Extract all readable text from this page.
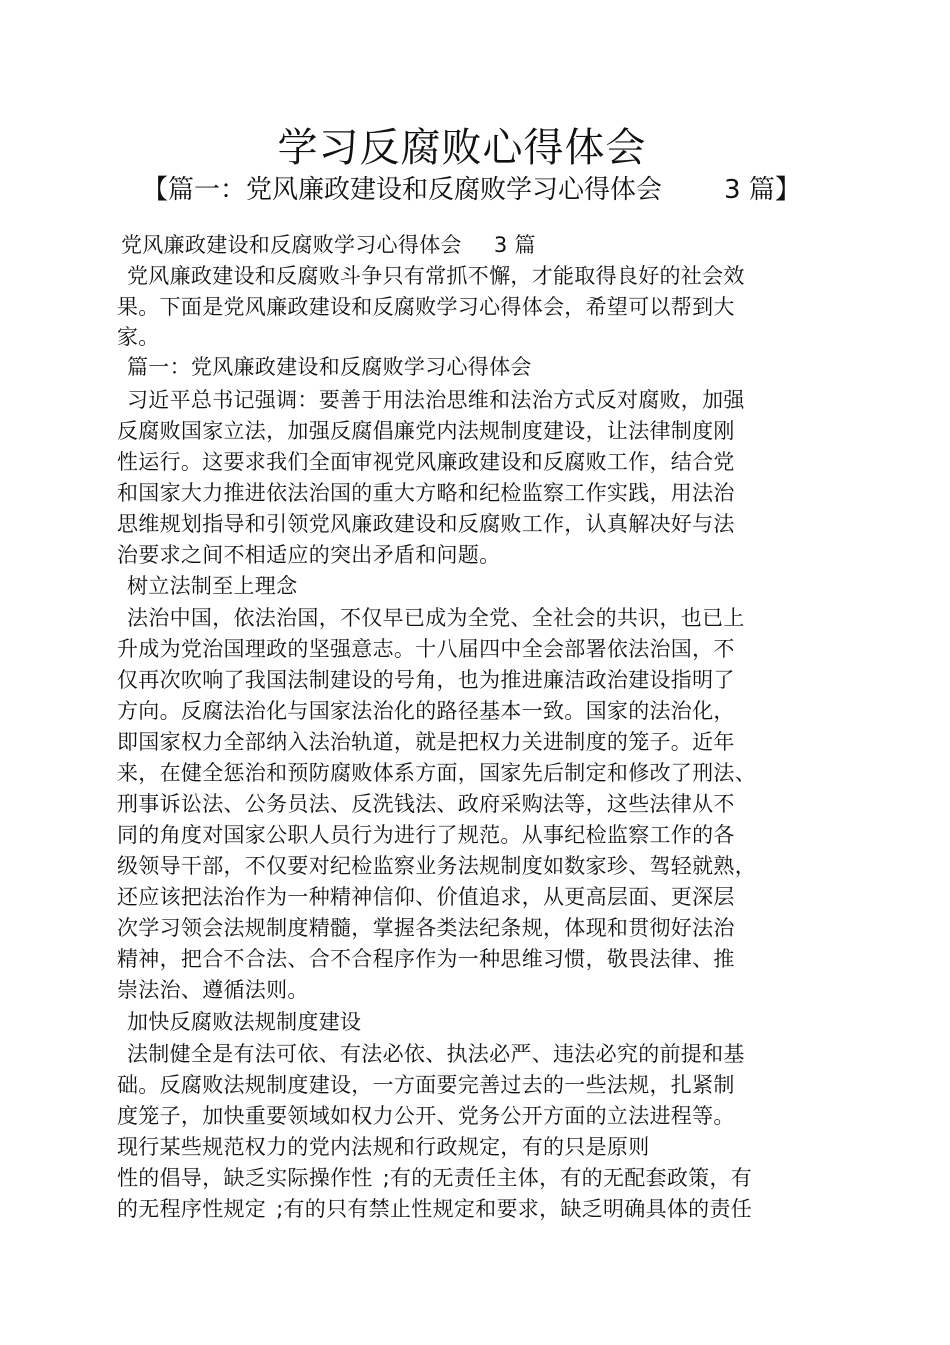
学习反腐败心得体会
【篇一：党风廉政建设和反腐败学习心得体会 3 篇】
党风廉政建设和反腐败学习心得体会 3 篇
党风廉政建设和反腐败斗争只有常抓不懈，才能取得良好的社会效
果。下面是党风廉政建设和反腐败学习心得体会，希望可以帮到大
家。
篇一：党风廉政建设和反腐败学习心得体会
习近平总书记强调：要善于用法治思维和法治方式反对腐败，加强
反腐败国家立法，加强反腐倡廉党内法规制度建设，让法律制度刚
性运行。这要求我们全面审视党风廉政建设和反腐败工作，结合党
和国家大力推进依法治国的重大方略和纪检监察工作实践，用法治
思维规划指导和引领党风廉政建设和反腐败工作，认真解决好与法
治要求之间不相适应的突出矛盾和问题。
树立法制至上理念
法治中国，依法治国，不仅早已成为全党、全社会的共识，也已上
升成为党治国理政的坚强意志。十八届四中全会部署依法治国，不
仅再次吹响了我国法制建设的号角，也为推进廉洁政治建设指明了
方向。反腐法治化与国家法治化的路径基本一致。国家的法治化，
即国家权力全部纳入法治轨道，就是把权力关进制度的笼子。近年
来，在健全惩治和预防腐败体系方面，国家先后制定和修改了刑法、
刑事诉讼法、公务员法、反洗钱法、政府采购法等，这些法律从不
同的角度对国家公职人员行为进行了规范。从事纪检监察工作的各
级领导干部，不仅要对纪检监察业务法规制度如数家珍、驾轻就熟，
还应该把法治作为一种精神信仰、价值追求，从更高层面、更深层
次学习领会法规制度精髓，掌握各类法纪条规，体现和贯彻好法治
精神，把合不合法、合不合程序作为一种思维习惯，敬畏法律、推
崇法治、遵循法则。
加快反腐败法规制度建设
法制健全是有法可依、有法必依、执法必严、违法必究的前提和基
础。反腐败法规制度建设，一方面要完善过去的一些法规，扎紧制
度笼子，加快重要领域如权力公开、党务公开方面的立法进程等。
现行某些规范权力的党内法规和行政规定，有的只是原则
性的倡导，缺乏实际操作性 ;有的无责任主体，有的无配套政策，有
的无程序性规定 ;有的只有禁止性规定和要求，缺乏明确具体的责任
